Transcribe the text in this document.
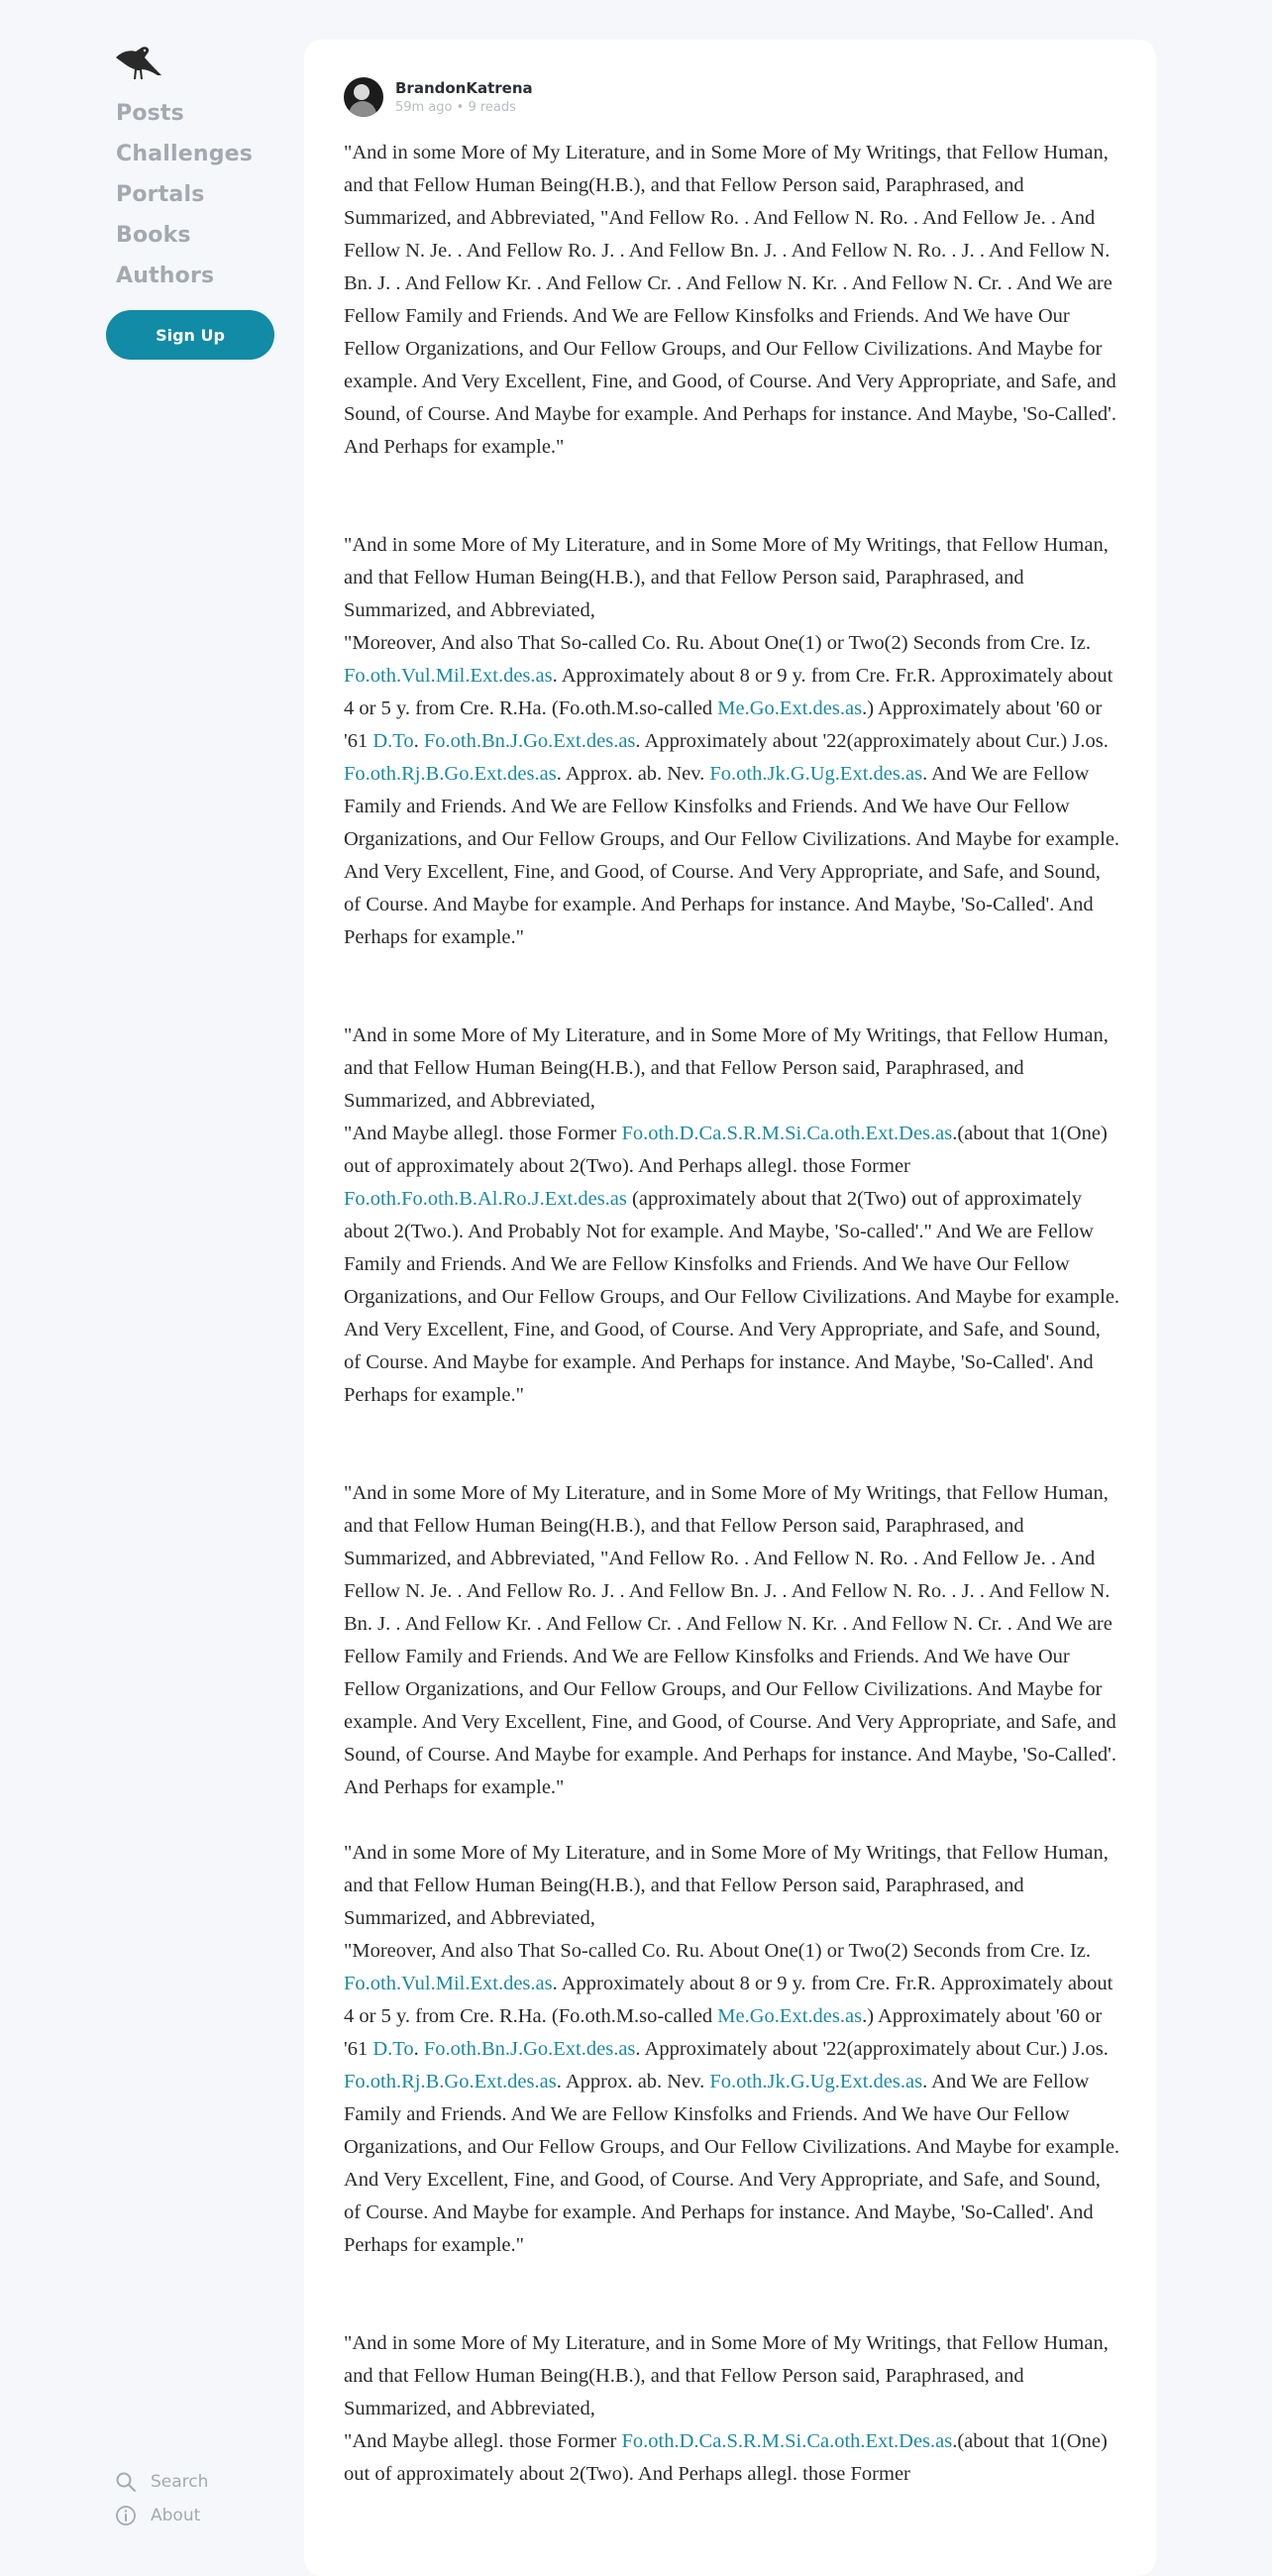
Posts
Challenges
Portals
Books
Authors
Sign Up
Search
About
BrandonKatrena
59m ago • 9 reads

"And in some More of My Literature, and in Some More of My Writings, that Fellow Human, and that Fellow Human Being(H.B.), and that Fellow Person said, Paraphrased, and Summarized, and Abbreviated, "And Fellow Ro. . And Fellow N. Ro. . And Fellow Je. . And Fellow N. Je. . And Fellow Ro. J. . And Fellow Bn. J. . And Fellow N. Ro. . J. . And Fellow N. Bn. J. . And Fellow Kr. . And Fellow Cr. . And Fellow N. Kr. . And Fellow N. Cr. . And We are Fellow Family and Friends. And We are Fellow Kinsfolks and Friends. And We have Our Fellow Organizations, and Our Fellow Groups, and Our Fellow Civilizations. And Maybe for example. And Very Excellent, Fine, and Good, of Course. And Very Appropriate, and Safe, and Sound, of Course. And Maybe for example. And Perhaps for instance. And Maybe, 'So-Called'. And Perhaps for example."

"And in some More of My Literature, and in Some More of My Writings, that Fellow Human, and that Fellow Human Being(H.B.), and that Fellow Person said, Paraphrased, and Summarized, and Abbreviated,
"Moreover, And also That So-called Co. Ru. About One(1) or Two(2) Seconds from Cre. Iz. Fo.oth.Vul.Mil.Ext.des.as. Approximately about 8 or 9 y. from Cre. Fr.R. Approximately about 4 or 5 y. from Cre. R.Ha. (Fo.oth.M.so-called Me.Go.Ext.des.as.) Approximately about '60 or '61 D.To. Fo.oth.Bn.J.Go.Ext.des.as. Approximately about '22(approximately about Cur.) J.os. Fo.oth.Rj.B.Go.Ext.des.as. Approx. ab. Nev. Fo.oth.Jk.G.Ug.Ext.des.as. And We are Fellow Family and Friends. And We are Fellow Kinsfolks and Friends. And We have Our Fellow Organizations, and Our Fellow Groups, and Our Fellow Civilizations. And Maybe for example. And Very Excellent, Fine, and Good, of Course. And Very Appropriate, and Safe, and Sound, of Course. And Maybe for example. And Perhaps for instance. And Maybe, 'So-Called'. And Perhaps for example."

"And in some More of My Literature, and in Some More of My Writings, that Fellow Human, and that Fellow Human Being(H.B.), and that Fellow Person said, Paraphrased, and Summarized, and Abbreviated,
"And Maybe allegl. those Former Fo.oth.D.Ca.S.R.M.Si.Ca.oth.Ext.Des.as.(about that 1(One) out of approximately about 2(Two). And Perhaps allegl. those Former Fo.oth.Fo.oth.B.Al.Ro.J.Ext.des.as (approximately about that 2(Two) out of approximately about 2(Two.). And Probably Not for example. And Maybe, 'So-called'." And We are Fellow Family and Friends. And We are Fellow Kinsfolks and Friends. And We have Our Fellow Organizations, and Our Fellow Groups, and Our Fellow Civilizations. And Maybe for example. And Very Excellent, Fine, and Good, of Course. And Very Appropriate, and Safe, and Sound, of Course. And Maybe for example. And Perhaps for instance. And Maybe, 'So-Called'. And Perhaps for example."

"And in some More of My Literature, and in Some More of My Writings, that Fellow Human, and that Fellow Human Being(H.B.), and that Fellow Person said, Paraphrased, and Summarized, and Abbreviated, "And Fellow Ro. . And Fellow N. Ro. . And Fellow Je. . And Fellow N. Je. . And Fellow Ro. J. . And Fellow Bn. J. . And Fellow N. Ro. . J. . And Fellow N. Bn. J. . And Fellow Kr. . And Fellow Cr. . And Fellow N. Kr. . And Fellow N. Cr. . And We are Fellow Family and Friends. And We are Fellow Kinsfolks and Friends. And We have Our Fellow Organizations, and Our Fellow Groups, and Our Fellow Civilizations. And Maybe for example. And Very Excellent, Fine, and Good, of Course. And Very Appropriate, and Safe, and Sound, of Course. And Maybe for example. And Perhaps for instance. And Maybe, 'So-Called'. And Perhaps for example."

"And in some More of My Literature, and in Some More of My Writings, that Fellow Human, and that Fellow Human Being(H.B.), and that Fellow Person said, Paraphrased, and Summarized, and Abbreviated,
"Moreover, And also That So-called Co. Ru. About One(1) or Two(2) Seconds from Cre. Iz. Fo.oth.Vul.Mil.Ext.des.as. Approximately about 8 or 9 y. from Cre. Fr.R. Approximately about 4 or 5 y. from Cre. R.Ha. (Fo.oth.M.so-called Me.Go.Ext.des.as.) Approximately about '60 or '61 D.To. Fo.oth.Bn.J.Go.Ext.des.as. Approximately about '22(approximately about Cur.) J.os. Fo.oth.Rj.B.Go.Ext.des.as. Approx. ab. Nev. Fo.oth.Jk.G.Ug.Ext.des.as. And We are Fellow Family and Friends. And We are Fellow Kinsfolks and Friends. And We have Our Fellow Organizations, and Our Fellow Groups, and Our Fellow Civilizations. And Maybe for example. And Very Excellent, Fine, and Good, of Course. And Very Appropriate, and Safe, and Sound, of Course. And Maybe for example. And Perhaps for instance. And Maybe, 'So-Called'. And Perhaps for example."

"And in some More of My Literature, and in Some More of My Writings, that Fellow Human, and that Fellow Human Being(H.B.), and that Fellow Person said, Paraphrased, and Summarized, and Abbreviated,
"And Maybe allegl. those Former Fo.oth.D.Ca.S.R.M.Si.Ca.oth.Ext.Des.as.(about that 1(One) out of approximately about 2(Two). And Perhaps allegl. those Former
